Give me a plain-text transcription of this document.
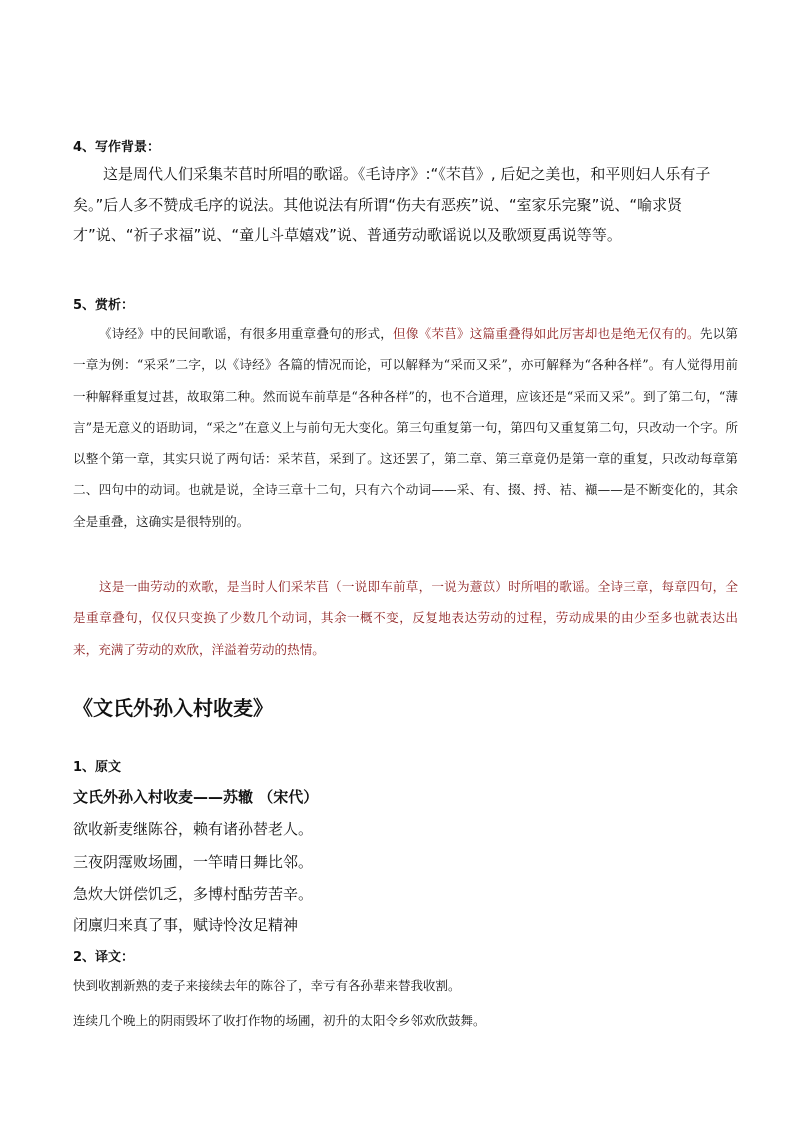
4、写作背景：
这是周代人们采集芣苢时所唱的歌谣。《毛诗序》:“《芣苢》, 后妃之美也，和平则妇人乐有子矣。”后人多不赞成毛序的说法。其他说法有所谓“伤夫有恶疾”说、“室家乐完聚”说、“喻求贤才”说、“祈子求福”说、“童儿斗草嬉戏”说、普通劳动歌谣说以及歌颂夏禹说等等。
5、赏析：
《诗经》中的民间歌谣，有很多用重章叠句的形式，但像《芣苢》这篇重叠得如此厉害却也是绝无仅有的。先以第一章为例：“采采”二字，以《诗经》各篇的情况而论，可以解释为“采而又采”，亦可解释为“各种各样”。有人觉得用前一种解释重复过甚，故取第二种。然而说车前草是“各种各样”的，也不合道理，应该还是“采而又采”。到了第二句，“薄言”是无意义的语助词，“采之”在意义上与前句无大变化。第三句重复第一句，第四句又重复第二句，只改动一个字。所以整个第一章，其实只说了两句话：采芣苢，采到了。这还罢了，第二章、第三章竟仍是第一章的重复，只改动每章第二、四句中的动词。也就是说，全诗三章十二句，只有六个动词——采、有、掇、捋、袺、襭——是不断变化的，其余全是重叠，这确实是很特别的。
这是一曲劳动的欢歌，是当时人们采芣苢（一说即车前草，一说为薏苡）时所唱的歌谣。全诗三章，每章四句，全是重章叠句，仅仅只变换了少数几个动词，其余一概不变，反复地表达劳动的过程，劳动成果的由少至多也就表达出来，充满了劳动的欢欣，洋溢着劳动的热情。
《文氏外孙入村收麦》
1、原文
文氏外孙入村收麦——苏辙 （宋代）
欲收新麦继陈谷，赖有诸孙替老人。
三夜阴霪败场圃，一竿晴日舞比邻。
急炊大饼偿饥乏，多博村酤劳苦辛。
闭廪归来真了事，赋诗怜汝足精神
2、译文：
快到收割新熟的麦子来接续去年的陈谷了，幸亏有各孙辈来替我收割。
连续几个晚上的阴雨毁坏了收打作物的场圃，初升的太阳令乡邻欢欣鼓舞。
